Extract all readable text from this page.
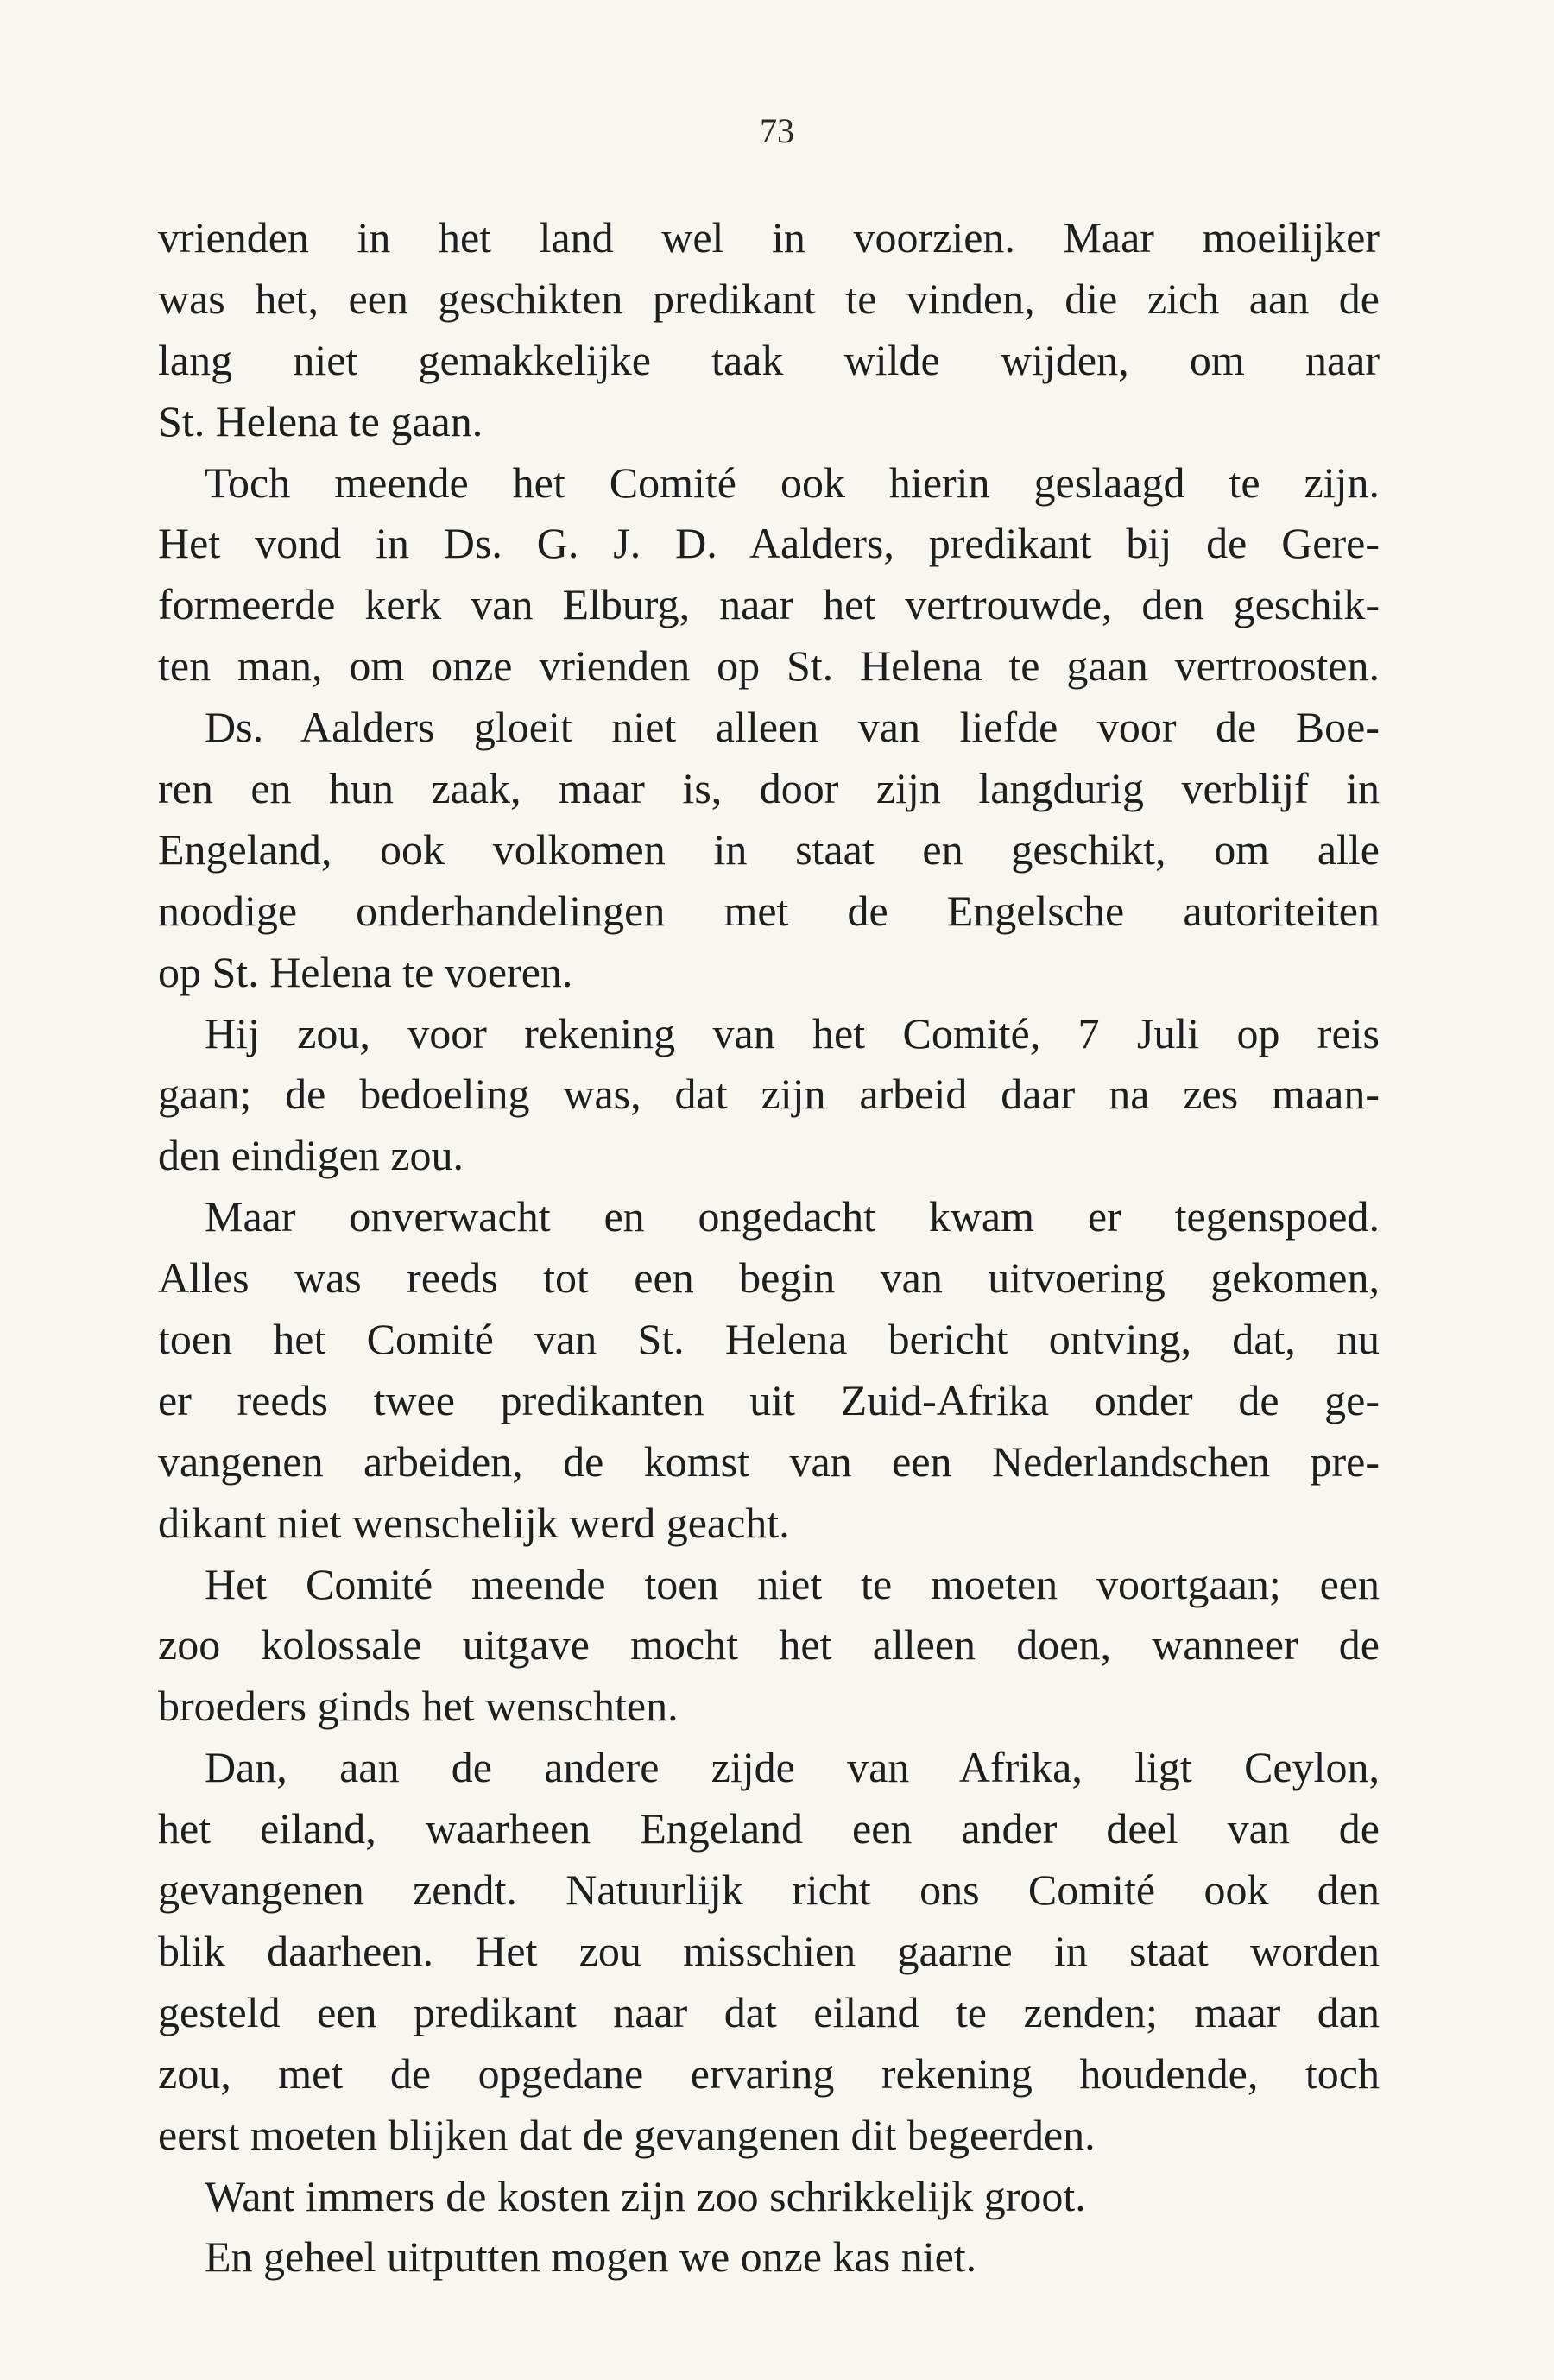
73
vrienden in het land wel in voorzien. Maar moeilijker
was het, een geschikten predikant te vinden, die zich aan de
lang niet gemakkelijke taak wilde wijden, om naar
St. Helena te gaan.
Toch meende het Comité ook hierin geslaagd te zijn.
Het vond in Ds. G. J. D. Aalders, predikant bij de Gere-
formeerde kerk van Elburg, naar het vertrouwde, den geschik-
ten man, om onze vrienden op St. Helena te gaan vertroosten.
Ds. Aalders gloeit niet alleen van liefde voor de Boe-
ren en hun zaak, maar is, door zijn langdurig verblijf in
Engeland, ook volkomen in staat en geschikt, om alle
noodige onderhandelingen met de Engelsche autoriteiten
op St. Helena te voeren.
Hij zou, voor rekening van het Comité, 7 Juli op reis
gaan; de bedoeling was, dat zijn arbeid daar na zes maan-
den eindigen zou.
Maar onverwacht en ongedacht kwam er tegenspoed.
Alles was reeds tot een begin van uitvoering gekomen,
toen het Comité van St. Helena bericht ontving, dat, nu
er reeds twee predikanten uit Zuid-Afrika onder de ge-
vangenen arbeiden, de komst van een Nederlandschen pre-
dikant niet wenschelijk werd geacht.
Het Comité meende toen niet te moeten voortgaan; een
zoo kolossale uitgave mocht het alleen doen, wanneer de
broeders ginds het wenschten.
Dan, aan de andere zijde van Afrika, ligt Ceylon,
het eiland, waarheen Engeland een ander deel van de
gevangenen zendt. Natuurlijk richt ons Comité ook den
blik daarheen. Het zou misschien gaarne in staat worden
gesteld een predikant naar dat eiland te zenden; maar dan
zou, met de opgedane ervaring rekening houdende, toch
eerst moeten blijken dat de gevangenen dit begeerden.
Want immers de kosten zijn zoo schrikkelijk groot.
En geheel uitputten mogen we onze kas niet.
